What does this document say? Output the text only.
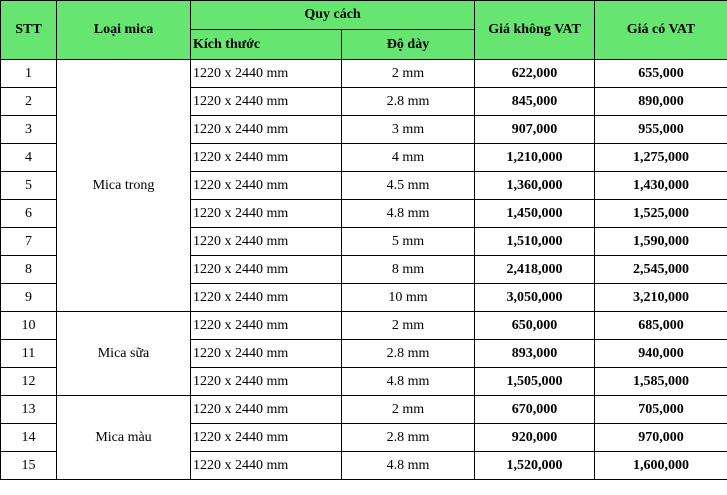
STT	Loại mica	Quy cách		Giá không VAT	Giá có VAT
		Kích thước	Độ dày		
1	Mica trong	1220 x 2440 mm	2 mm	622,000	655,000
2		1220 x 2440 mm	2.8 mm	845,000	890,000
3		1220 x 2440 mm	3 mm	907,000	955,000
4		1220 x 2440 mm	4 mm	1,210,000	1,275,000
5		1220 x 2440 mm	4.5 mm	1,360,000	1,430,000
6		1220 x 2440 mm	4.8 mm	1,450,000	1,525,000
7		1220 x 2440 mm	5 mm	1,510,000	1,590,000
8		1220 x 2440 mm	8 mm	2,418,000	2,545,000
9		1220 x 2440 mm	10 mm	3,050,000	3,210,000
10	Mica sữa	1220 x 2440 mm	2 mm	650,000	685,000
11		1220 x 2440 mm	2.8 mm	893,000	940,000
12		1220 x 2440 mm	4.8 mm	1,505,000	1,585,000
13	Mica màu	1220 x 2440 mm	2 mm	670,000	705,000
14		1220 x 2440 mm	2.8 mm	920,000	970,000
15		1220 x 2440 mm	4.8 mm	1,520,000	1,600,000
